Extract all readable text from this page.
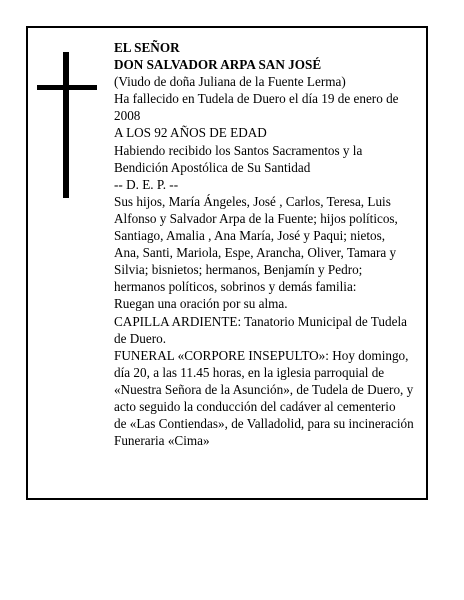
EL SEÑOR
DON SALVADOR ARPA SAN JOSÉ
(Viudo de doña Juliana de la Fuente Lerma)
Ha fallecido en Tudela de Duero el día 19 de enero de
2008
A LOS 92 AÑOS DE EDAD
Habiendo recibido los Santos Sacramentos y la
Bendición Apostólica de Su Santidad
-- D. E. P. --
Sus hijos, María Ángeles, José , Carlos, Teresa, Luis
Alfonso y Salvador Arpa de la Fuente; hijos políticos,
Santiago, Amalia , Ana María, José y Paqui; nietos,
Ana, Santi, Mariola, Espe, Arancha, Oliver, Tamara y
Silvia; bisnietos; hermanos, Benjamín y Pedro;
hermanos políticos, sobrinos y demás familia:
Ruegan una oración por su alma.
CAPILLA ARDIENTE: Tanatorio Municipal de Tudela
de Duero.
FUNERAL «CORPORE INSEPULTO»: Hoy domingo,
día 20, a las 11.45 horas, en la iglesia parroquial de
«Nuestra Señora de la Asunción», de Tudela de Duero, y
acto seguido la conducción del cadáver al cementerio
de «Las Contiendas», de Valladolid, para su incineración
Funeraria «Cima»
